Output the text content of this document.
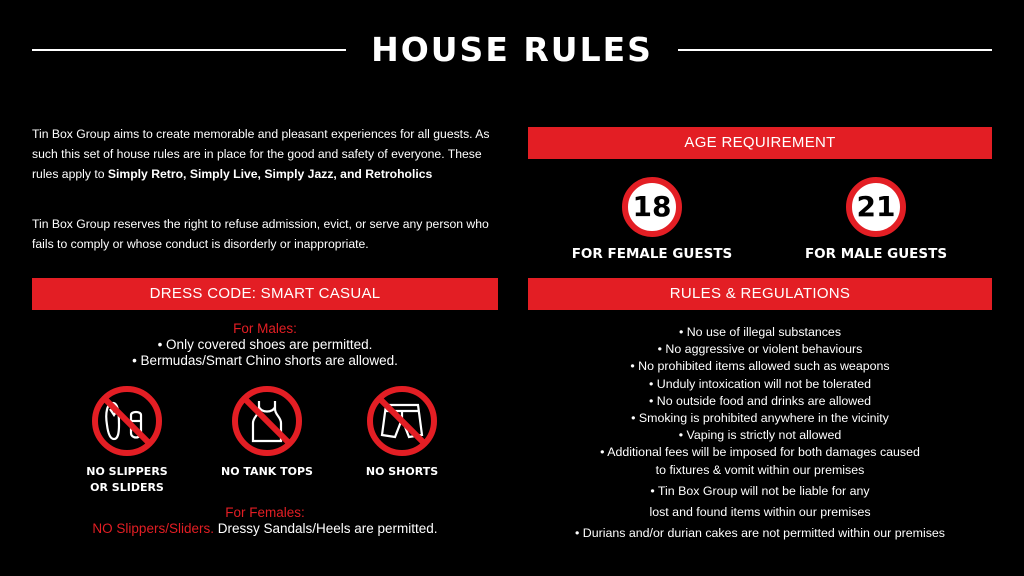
HOUSE RULES
Tin Box Group aims to create memorable and pleasant experiences for all guests. As such this set of house rules are in place for the good and safety of everyone. These rules apply to Simply Retro, Simply Live, Simply Jazz, and Retroholics
Tin Box Group reserves the right to refuse admission, evict, or serve any person who fails to comply or whose conduct is disorderly or inappropriate.
AGE REQUIREMENT
18
FOR FEMALE GUESTS
21
FOR MALE GUESTS
DRESS CODE: SMART CASUAL
For Males:
• Only covered shoes are permitted.
• Bermudas/Smart Chino shorts are allowed.
NO SLIPPERS
OR SLIDERS
NO TANK TOPS	NO SHORTS
For Females:
NO Slippers/Sliders. Dressy Sandals/Heels are permitted.
RULES & REGULATIONS
• No use of illegal substances
• No aggressive or violent behaviours
• No prohibited items allowed such as weapons
• Unduly intoxication will not be tolerated
• No outside food and drinks are allowed
• Smoking is prohibited anywhere in the vicinity
• Vaping is strictly not allowed
• Additional fees will be imposed for both damages caused
to fixtures & vomit within our premises
• Tin Box Group will not be liable for any
lost and found items within our premises
• Durians and/or durian cakes are not permitted within our premises
